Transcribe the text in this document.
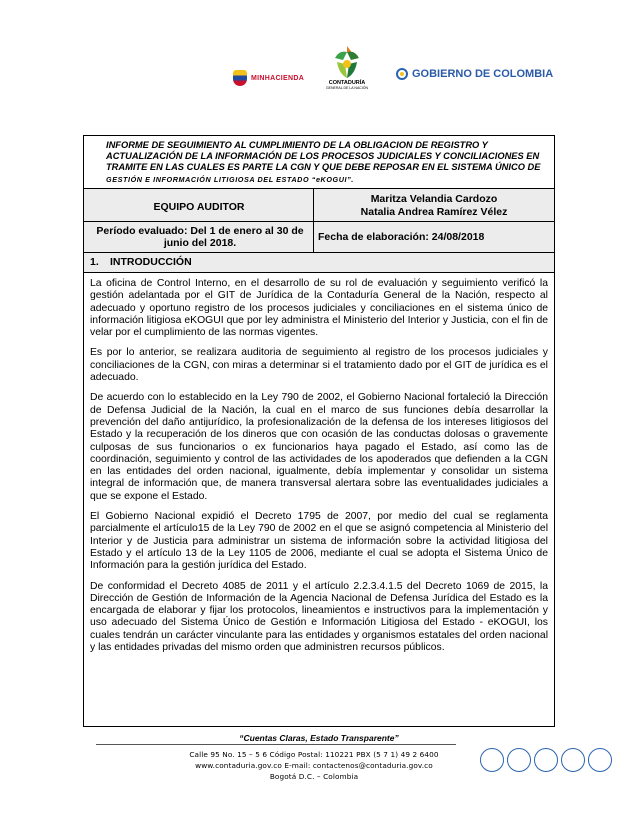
MINHACIENDA
CONTADURÍA
GENERAL DE LA NACIÓN
GOBIERNO DE COLOMBIA
INFORME DE SEGUIMIENTO AL CUMPLIMIENTO DE LA OBLIGACION DE REGISTRO Y ACTUALIZACIÓN DE LA INFORMACIÓN DE LOS PROCESOS JUDICIALES Y CONCILIACIONES EN TRAMITE EN LAS CUALES ES PARTE LA CGN Y QUE DEBE REPOSAR EN EL SISTEMA ÚNICO DE
GESTIÓN E INFORMACIÓN LITIGIOSA DEL ESTADO “eKOGUI”.
EQUIPO AUDITOR
Maritza Velandia Cardozo
Natalia Andrea Ramírez Vélez
Período evaluado: Del 1 de enero al 30 de junio del 2018.	Fecha de elaboración: 24/08/2018
1. INTRODUCCIÓN

La oficina de Control Interno, en el desarrollo de su rol de evaluación y seguimiento verificó la gestión adelantada por el GIT de Jurídica de la Contaduría General de la Nación, respecto al adecuado y oportuno registro de los procesos judiciales y conciliaciones en el sistema único de información litigiosa eKOGUI que por ley administra el Ministerio del Interior y Justicia, con el fin de velar por el cumplimiento de las normas vigentes.

Es por lo anterior, se realizara auditoria de seguimiento al registro de los procesos judiciales y conciliaciones de la CGN, con miras a determinar si el tratamiento dado por el GIT de jurídica es el adecuado.

De acuerdo con lo establecido en la Ley 790 de 2002, el Gobierno Nacional fortaleció la Dirección de Defensa Judicial de la Nación, la cual en el marco de sus funciones debía desarrollar la prevención del daño antijurídico, la profesionalización de la defensa de los intereses litigiosos del Estado y la recuperación de los dineros que con ocasión de las conductas dolosas o gravemente culposas de sus funcionarios o ex funcionarios haya pagado el Estado, así como las de coordinación, seguimiento y control de las actividades de los apoderados que defienden a la CGN en las entidades del orden nacional, igualmente, debía implementar y consolidar un sistema integral de información que, de manera transversal alertara sobre las eventualidades judiciales a que se expone el Estado.

El Gobierno Nacional expidió el Decreto 1795 de 2007, por medio del cual se reglamenta parcialmente el artículo15 de la Ley 790 de 2002 en el que se asignó competencia al Ministerio del Interior y de Justicia para administrar un sistema de información sobre la actividad litigiosa del Estado y el artículo 13 de la Ley 1105 de 2006, mediante el cual se adopta el Sistema Único de Información para la gestión jurídica del Estado.

De conformidad el Decreto 4085 de 2011 y el artículo 2.2.3.4.1.5 del Decreto 1069 de 2015, la Dirección de Gestión de Información de la Agencia Nacional de Defensa Jurídica del Estado es la encargada de elaborar y fijar los protocolos, lineamientos e instructivos para la implementación y uso adecuado del Sistema Único de Gestión e Información Litigiosa del Estado - eKOGUI, los cuales tendrán un carácter vinculante para las entidades y organismos estatales del orden nacional y las entidades privadas del mismo orden que administren recursos públicos.

“Cuentas Claras, Estado Transparente”
Calle 95 No. 15 – 5 6 Código Postal: 110221 PBX (5 7 1) 49 2 6400
www.contaduria.gov.co E-mail: contactenos@contaduria.gov.co
Bogotá D.C. – Colombia
